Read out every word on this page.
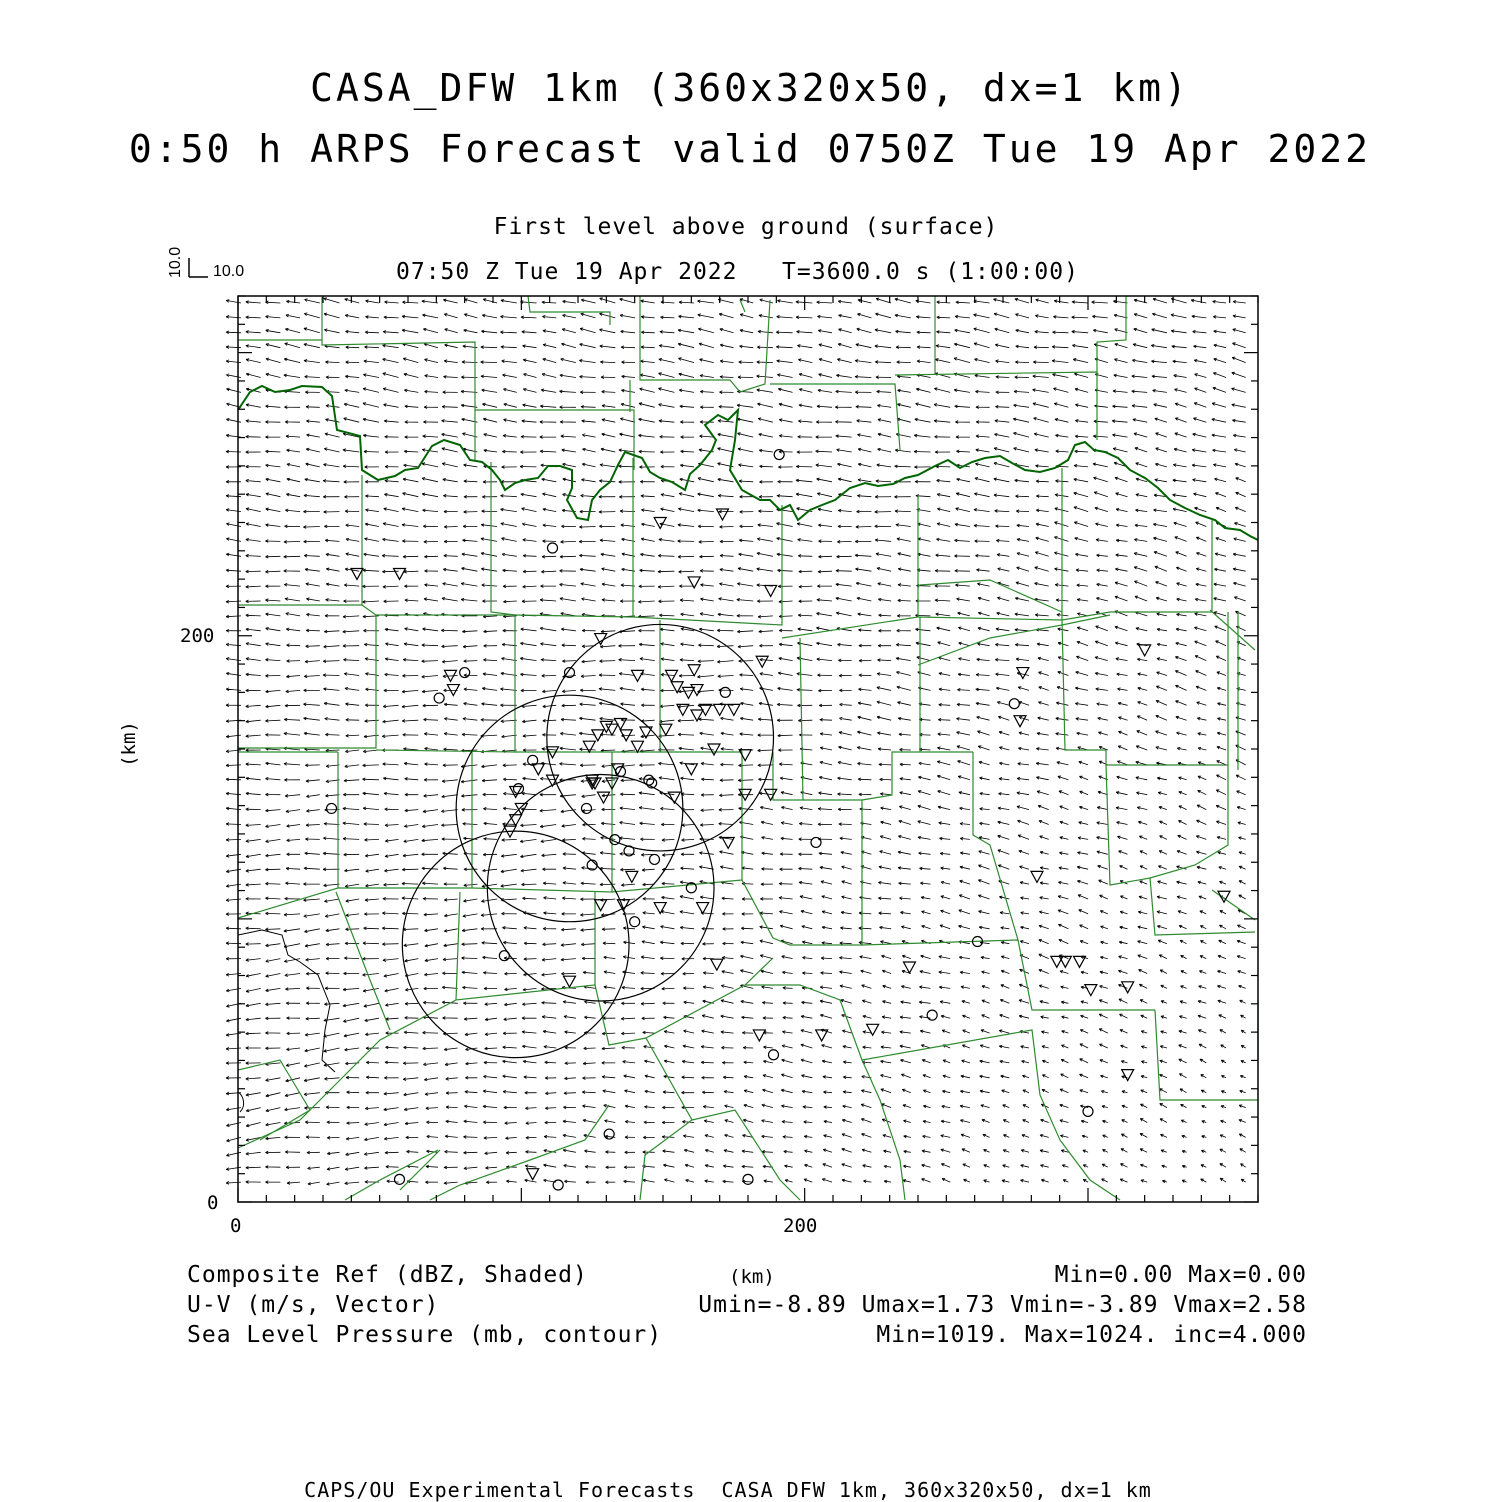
CASA_DFW 1km (360x320x50, dx=1 km)
0:50 h ARPS Forecast valid 0750Z Tue 19 Apr 2022
First level above ground (surface)
07:50 Z Tue 19 Apr 2022   T=3600.0 s (1:00:00)
10.0 10.0
0	200
0
200
(km)
(km)
Composite Ref (dBZ, Shaded)	Min=0.00 Max=0.00
U-V (m/s, Vector)	Umin=-8.89 Umax=1.73 Vmin=-3.89 Vmax=2.58
Sea Level Pressure (mb, contour)	Min=1019. Max=1024. inc=4.000
CAPS/OU Experimental Forecasts  CASA DFW 1km, 360x320x50, dx=1 km
